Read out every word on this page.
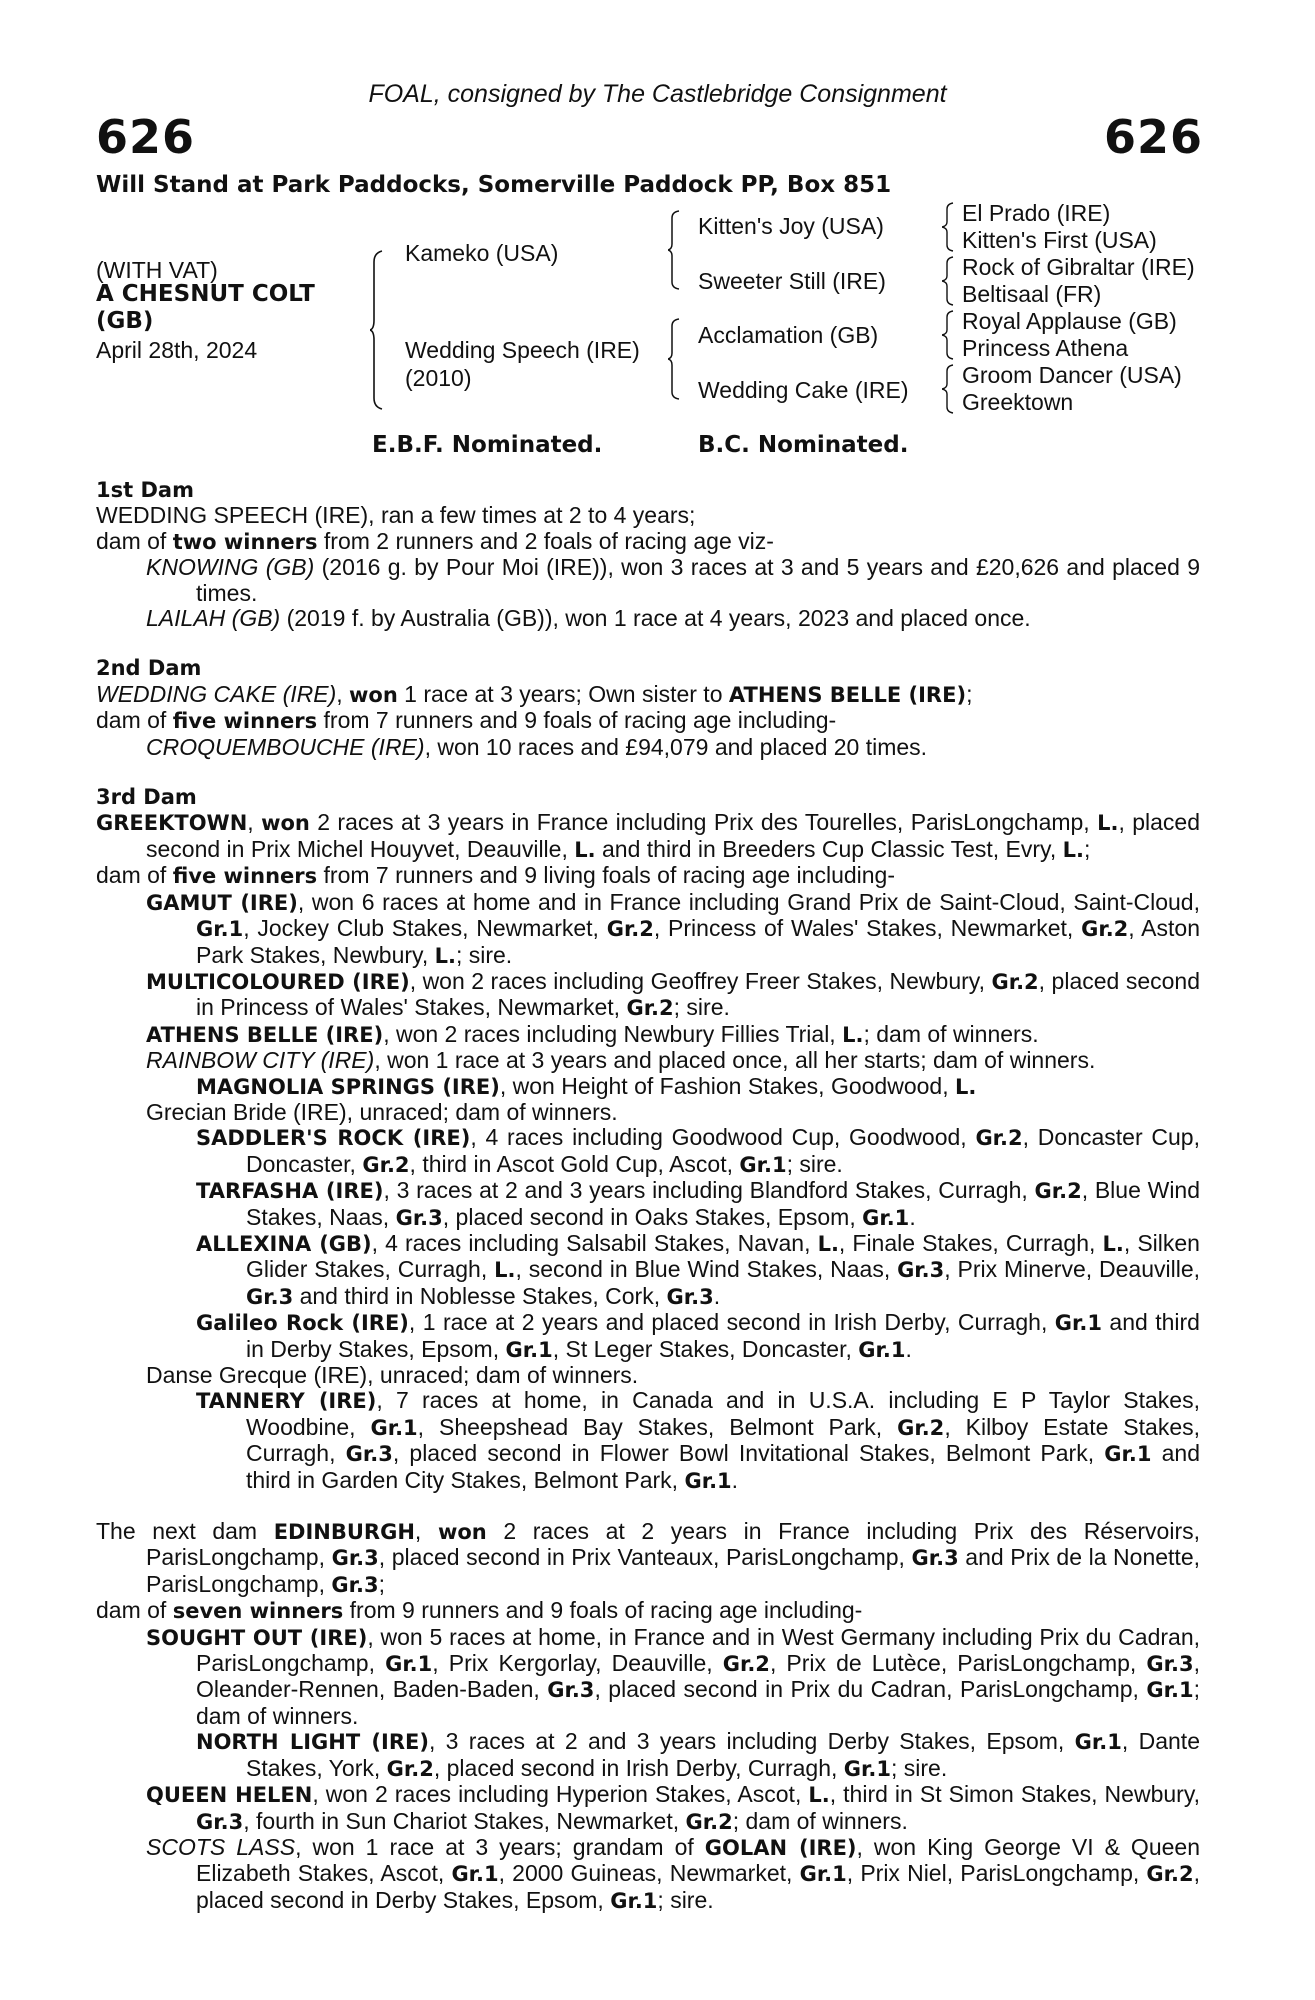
FOAL, consigned by The Castlebridge Consignment
626	626
Will Stand at Park Paddocks, Somerville Paddock PP, Box 851
(WITH VAT)
A CHESNUT COLT
(GB)
April 28th, 2024
Kameko (USA)
Wedding Speech (IRE)
(2010)
Kitten's Joy (USA)
Sweeter Still (IRE)
Acclamation (GB)
Wedding Cake (IRE)
El Prado (IRE)
Kitten's First (USA)
Rock of Gibraltar (IRE)
Beltisaal (FR)
Royal Applause (GB)
Princess Athena
Groom Dancer (USA)
Greektown
E.B.F. Nominated.	B.C. Nominated.

1st Dam

WEDDING SPEECH (IRE), ran a few times at 2 to 4 years;

dam of two winners from 2 runners and 2 foals of racing age viz-

KNOWING (GB) (2016 g. by Pour Moi (IRE)), won 3 races at 3 and 5 years and £20,626 and placed 9 times.

LAILAH (GB) (2019 f. by Australia (GB)), won 1 race at 4 years, 2023 and placed once.

2nd Dam

WEDDING CAKE (IRE), won 1 race at 3 years; Own sister to ATHENS BELLE (IRE);

dam of five winners from 7 runners and 9 foals of racing age including-

CROQUEMBOUCHE (IRE), won 10 races and £94,079 and placed 20 times.

3rd Dam

GREEKTOWN, won 2 races at 3 years in France including Prix des Tourelles, ParisLongchamp, L., placed second in Prix Michel Houyvet, Deauville, L. and third in Breeders Cup Classic Test, Evry, L.;

dam of five winners from 7 runners and 9 living foals of racing age including-

GAMUT (IRE), won 6 races at home and in France including Grand Prix de Saint-Cloud, Saint-Cloud, Gr.1, Jockey Club Stakes, Newmarket, Gr.2, Princess of Wales' Stakes, Newmarket, Gr.2, Aston Park Stakes, Newbury, L.; sire.

MULTICOLOURED (IRE), won 2 races including Geoffrey Freer Stakes, Newbury, Gr.2, placed second in Princess of Wales' Stakes, Newmarket, Gr.2; sire.

ATHENS BELLE (IRE), won 2 races including Newbury Fillies Trial, L.; dam of winners.

RAINBOW CITY (IRE), won 1 race at 3 years and placed once, all her starts; dam of winners.

MAGNOLIA SPRINGS (IRE), won Height of Fashion Stakes, Goodwood, L.

Grecian Bride (IRE), unraced; dam of winners.

SADDLER'S ROCK (IRE), 4 races including Goodwood Cup, Goodwood, Gr.2, Doncaster Cup, Doncaster, Gr.2, third in Ascot Gold Cup, Ascot, Gr.1; sire.

TARFASHA (IRE), 3 races at 2 and 3 years including Blandford Stakes, Curragh, Gr.2, Blue Wind Stakes, Naas, Gr.3, placed second in Oaks Stakes, Epsom, Gr.1.

ALLEXINA (GB), 4 races including Salsabil Stakes, Navan, L., Finale Stakes, Curragh, L., Silken Glider Stakes, Curragh, L., second in Blue Wind Stakes, Naas, Gr.3, Prix Minerve, Deauville, Gr.3 and third in Noblesse Stakes, Cork, Gr.3.

Galileo Rock (IRE), 1 race at 2 years and placed second in Irish Derby, Curragh, Gr.1 and third in Derby Stakes, Epsom, Gr.1, St Leger Stakes, Doncaster, Gr.1.

Danse Grecque (IRE), unraced; dam of winners.

TANNERY (IRE), 7 races at home, in Canada and in U.S.A. including E P Taylor Stakes, Woodbine, Gr.1, Sheepshead Bay Stakes, Belmont Park, Gr.2, Kilboy Estate Stakes, Curragh, Gr.3, placed second in Flower Bowl Invitational Stakes, Belmont Park, Gr.1 and third in Garden City Stakes, Belmont Park, Gr.1.

The next dam EDINBURGH, won 2 races at 2 years in France including Prix des Réservoirs, ParisLongchamp, Gr.3, placed second in Prix Vanteaux, ParisLongchamp, Gr.3 and Prix de la Nonette, ParisLongchamp, Gr.3;

dam of seven winners from 9 runners and 9 foals of racing age including-

SOUGHT OUT (IRE), won 5 races at home, in France and in West Germany including Prix du Cadran, ParisLongchamp, Gr.1, Prix Kergorlay, Deauville, Gr.2, Prix de Lutèce, ParisLongchamp, Gr.3, Oleander-Rennen, Baden-Baden, Gr.3, placed second in Prix du Cadran, ParisLongchamp, Gr.1; dam of winners.

NORTH LIGHT (IRE), 3 races at 2 and 3 years including Derby Stakes, Epsom, Gr.1, Dante Stakes, York, Gr.2, placed second in Irish Derby, Curragh, Gr.1; sire.

QUEEN HELEN, won 2 races including Hyperion Stakes, Ascot, L., third in St Simon Stakes, Newbury, Gr.3, fourth in Sun Chariot Stakes, Newmarket, Gr.2; dam of winners.

SCOTS LASS, won 1 race at 3 years; grandam of GOLAN (IRE), won King George VI & Queen Elizabeth Stakes, Ascot, Gr.1, 2000 Guineas, Newmarket, Gr.1, Prix Niel, ParisLongchamp, Gr.2, placed second in Derby Stakes, Epsom, Gr.1; sire.
